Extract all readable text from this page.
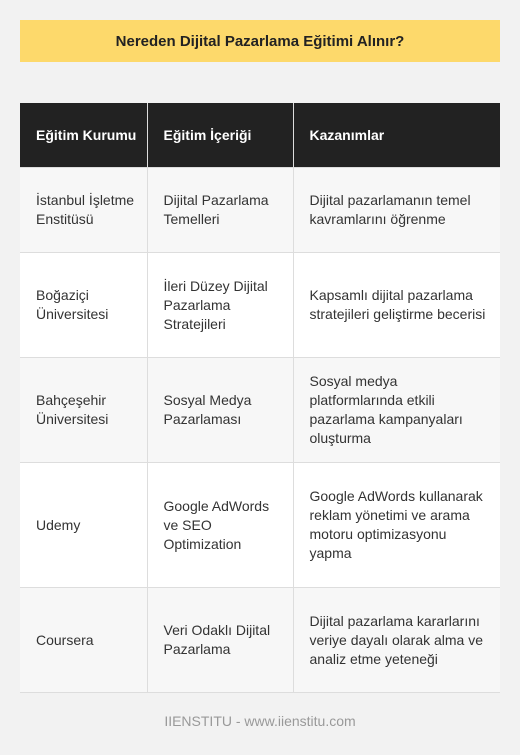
Nereden Dijital Pazarlama Eğitimi Alınır?
Eğitim Kurumu	Eğitim İçeriği	Kazanımlar
İstanbul İşletme Enstitüsü	Dijital Pazarlama Temelleri	Dijital pazarlamanın temel kavramlarını öğrenme
Boğaziçi Üniversitesi	İleri Düzey Dijital Pazarlama Stratejileri	Kapsamlı dijital pazarlama stratejileri geliştirme becerisi
Bahçeşehir Üniversitesi	Sosyal Medya Pazarlaması	Sosyal medya platformlarında etkili pazarlama kampanyaları oluşturma
Udemy	Google AdWords ve SEO Optimization	Google AdWords kullanarak reklam yönetimi ve arama motoru optimizasyonu yapma
Coursera	Veri Odaklı Dijital Pazarlama	Dijital pazarlama kararlarını veriye dayalı olarak alma ve analiz etme yeteneği
IIENSTITU - www.iienstitu.com
